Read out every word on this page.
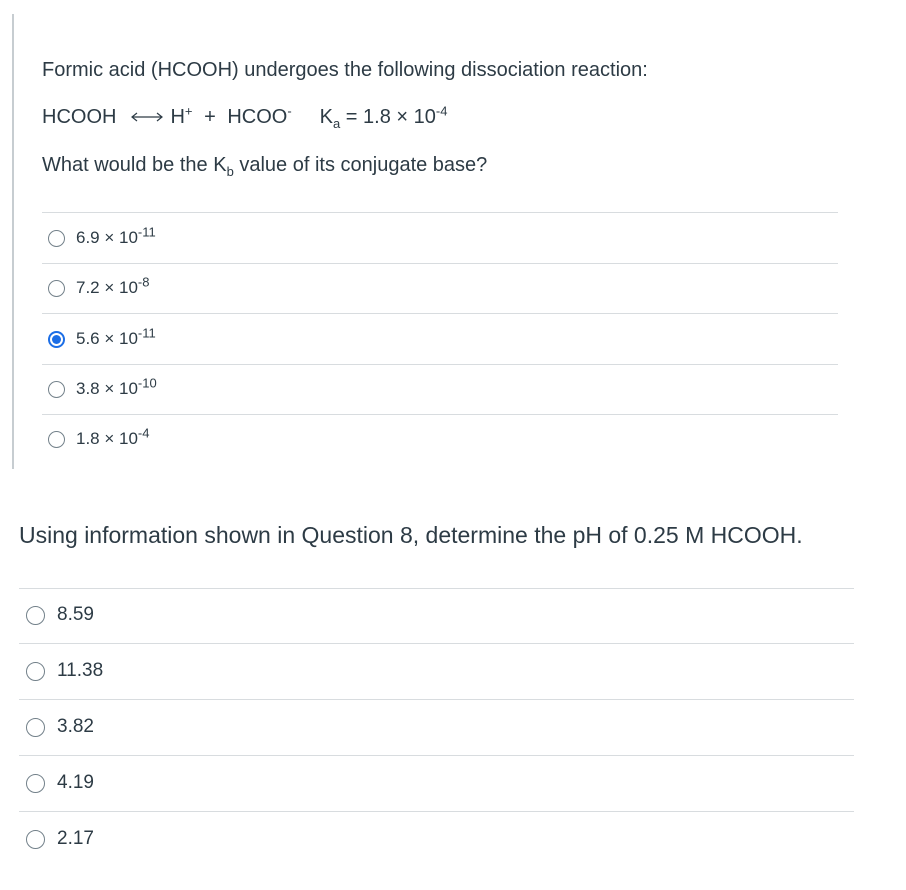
Formic acid (HCOOH) undergoes the following dissociation reaction:
HCOOH	H+ + HCOO- $K_a = 1.8 \times 10^{-4}$
What would be the $K_b$ value of its conjugate base?
$6.9 \times 10^{-11}$
$7.2 \times 10^{-8}$
$5.6 \times 10^{-11}$
$3.8 \times 10^{-10}$
$1.8 \times 10^{-4}$
Using information shown in Question 8, determine the pH of 0.25 M HCOOH.
8.59
11.38
3.82
4.19
2.17
